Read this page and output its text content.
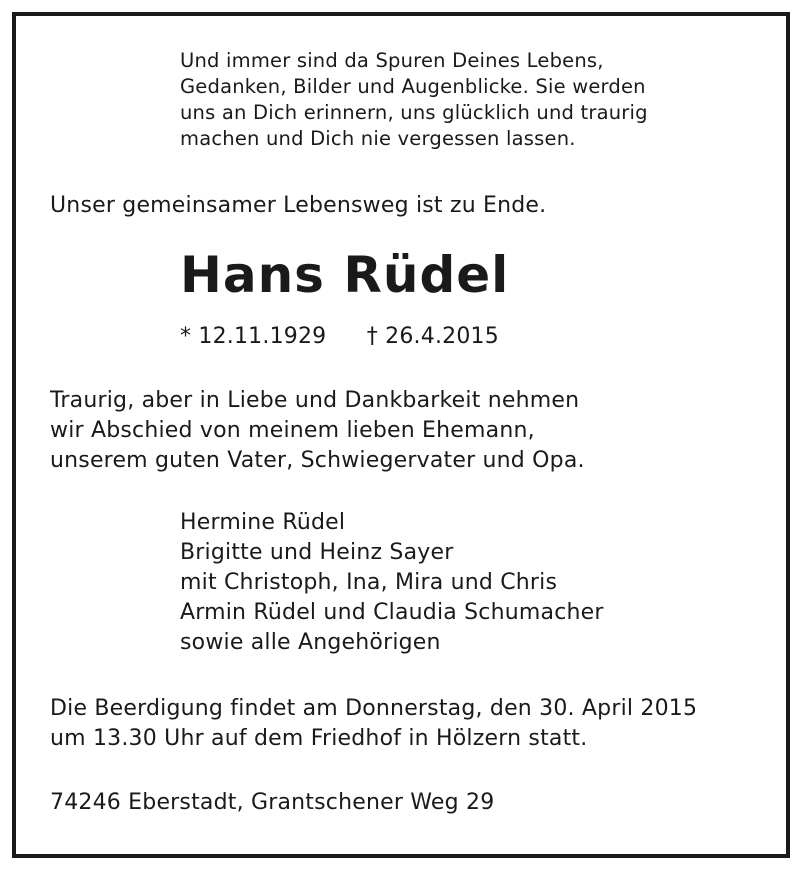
Und immer sind da Spuren Deines Lebens,
Gedanken, Bilder und Augenblicke. Sie werden
uns an Dich erinnern, uns glücklich und traurig
machen und Dich nie vergessen lassen.
Unser gemeinsamer Lebensweg ist zu Ende.
Hans Rüdel
* 12.11.1929 † 26.4.2015
Traurig, aber in Liebe und Dankbarkeit nehmen
wir Abschied von meinem lieben Ehemann,
unserem guten Vater, Schwiegervater und Opa.
Hermine Rüdel
Brigitte und Heinz Sayer
mit Christoph, Ina, Mira und Chris
Armin Rüdel und Claudia Schumacher
sowie alle Angehörigen
Die Beerdigung findet am Donnerstag, den 30. April 2015
um 13.30 Uhr auf dem Friedhof in Hölzern statt.
74246 Eberstadt, Grantschener Weg 29
